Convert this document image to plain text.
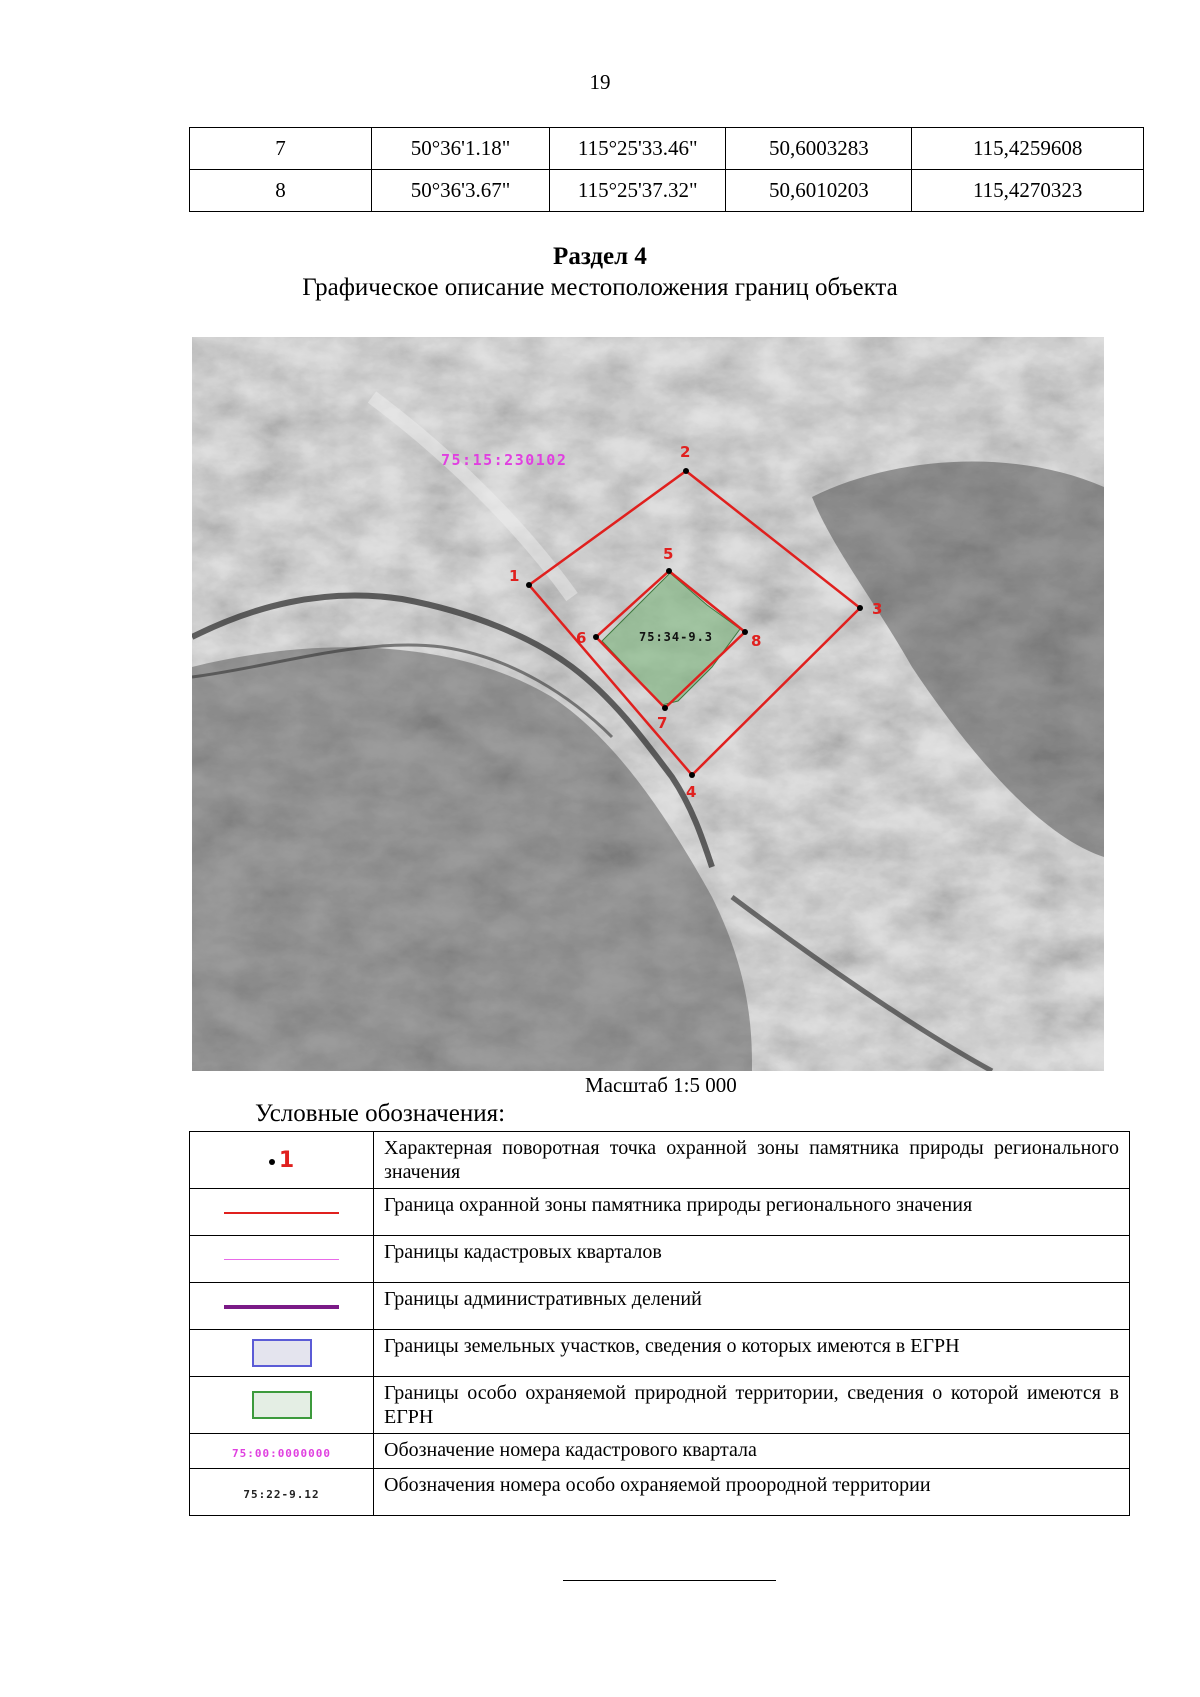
19
7	50°36'1.18"	115°25'33.46"	50,6003283	115,4259608
8	50°36'3.67"	115°25'37.32"	50,6010203	115,4270323
Раздел 4
Графическое описание местоположения границ объекта
75:15:230102
75:34-9.3
1
2
3
4
5
6
7
8
Масштаб 1:5 000
Условные обозначения:
1	Характерная поворотная точка охранной зоны памятника природы регионального значения
	Граница охранной зоны памятника природы регионального значения
	Границы кадастровых кварталов
	Границы административных делений
	Границы земельных участков, сведения о которых имеются в ЕГРН
	Границы особо охраняемой природной территории, сведения о которой имеются в ЕГРН
75:00:0000000	Обозначение номера кадастрового квартала
75:22-9.12	Обозначения номера особо охраняемой проородной территории
